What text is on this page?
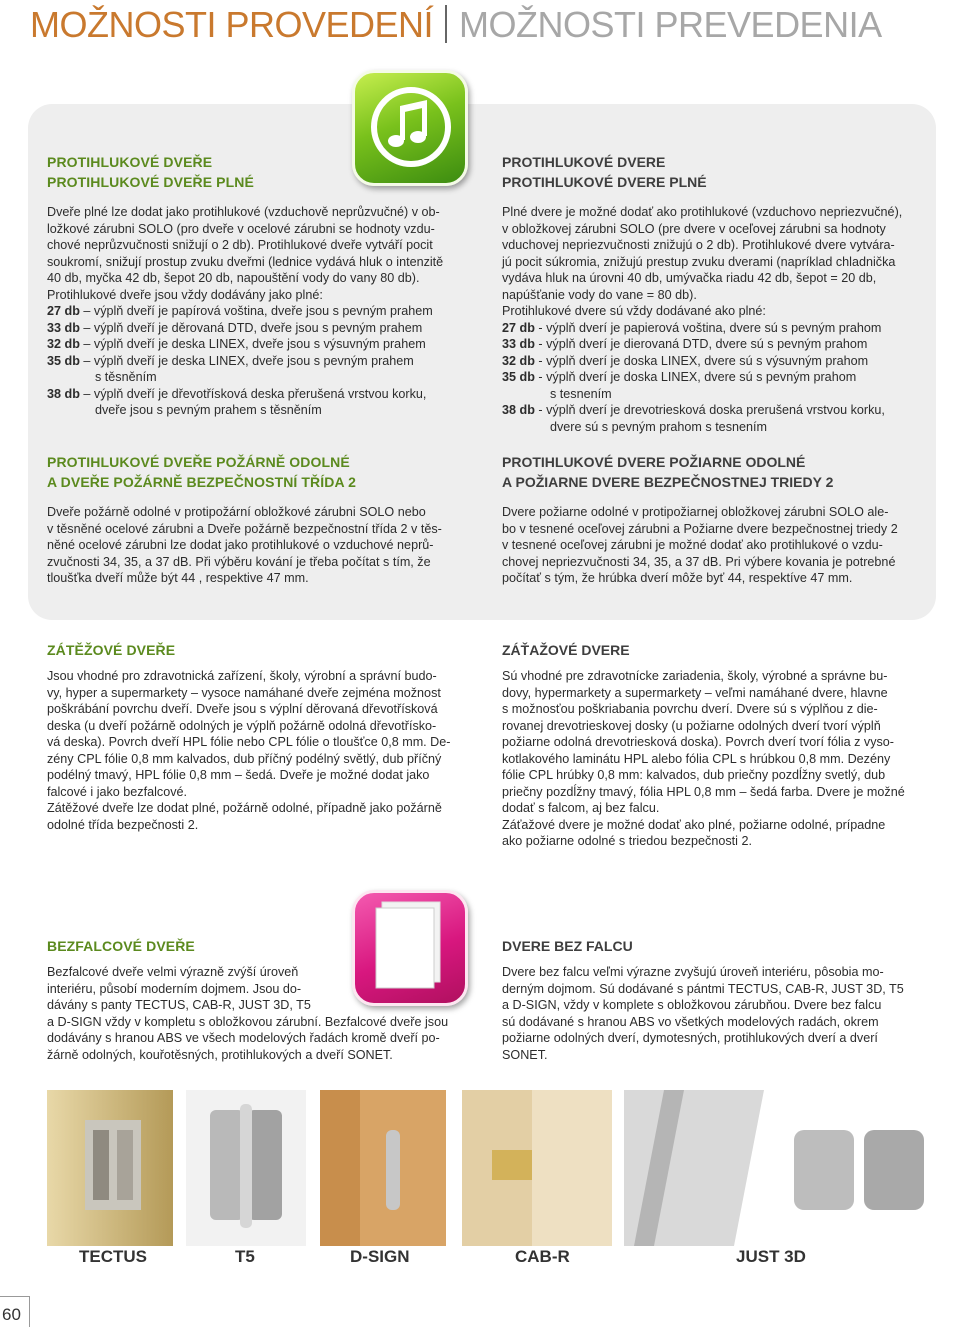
MOŽNOSTI PROVEDENÍ MOŽNOSTI PREVEDENIA
PROTIHLUKOVÉ DVEŘE
PROTIHLUKOVÉ DVEŘE PLNÉ

Dveře plné lze dodat jako protihlukové (vzduchově neprůzvučné) v ob-

ložkové zárubni SOLO (pro dveře v ocelové zárubni se hodnoty vzdu-

chové neprůzvučnosti snižují o 2 db). Protihlukové dveře vytváří pocit

soukromí, snižují prostup zvuku dveřmi (lednice vydává hluk o intenzitě

40 db, myčka 42 db, šepot 20 db, napouštění vody do vany 80 db).

Protihlukové dveře jsou vždy dodávány jako plné:

27 db – výplň dveří je papírová voština, dveře jsou s pevným prahem
33 db – výplň dveří je děrovaná DTD, dveře jsou s pevným prahem
32 db – výplň dveří je deska LINEX, dveře jsou s výsuvným prahem
35 db – výplň dveří je deska LINEX, dveře jsou s pevným prahem
s těsněním
38 db – výplň dveří je dřevotřísková deska přerušená vrstvou korku,
dveře jsou s pevným prahem s těsněním
PROTIHLUKOVÉ DVERE
PROTIHLUKOVÉ DVERE PLNÉ

Plné dvere je možné dodať ako protihlukové (vzduchovo nepriezvučné),

v obložkovej zárubni SOLO (pre dvere v oceľovej zárubni sa hodnoty

vduchovej nepriezvučnosti znižujú o 2 db). Protihlukové dvere vytvára-

jú pocit súkromia, znižujú prestup zvuku dverami (napríklad chladnička

vydáva hluk na úrovni 40 db, umývačka riadu 42 db, šepot = 20 db,

napúšťanie vody do vane = 80 db).

Protihlukové dvere sú vždy dodávané ako plné:

27 db - výplň dverí je papierová voština, dvere sú s pevným prahom
33 db - výplň dverí je dierovaná DTD, dvere sú s pevným prahom
32 db - výplň dverí je doska LINEX, dvere sú s výsuvným prahom
35 db - výplň dverí je doska LINEX, dvere sú s pevným prahom
s tesnením
38 db - výplň dverí je drevotriesková doska prerušená vrstvou korku,
dvere sú s pevným prahom s tesnením
PROTIHLUKOVÉ DVEŘE POŽÁRNĚ ODOLNÉ
A DVEŘE POŽÁRNĚ BEZPEČNOSTNÍ TŘÍDA 2

Dveře požárně odolné v protipožární obložkové zárubni SOLO nebo

v těsněné ocelové zárubni a Dveře požárně bezpečnostní třída 2 v těs-

něné ocelové zárubni lze dodat jako protihlukové o vzduchové neprů-

zvučnosti 34, 35, a 37 dB. Při výběru kování je třeba počítat s tím, že

tloušťka dveří může být 44 , respektive 47 mm.

PROTIHLUKOVÉ DVERE POŽIARNE ODOLNÉ
A POŽIARNE DVERE BEZPEČNOSTNEJ TRIEDY 2

Dvere požiarne odolné v protipožiarnej obložkovej zárubni SOLO ale-

bo v tesnené oceľovej zárubni a Požiarne dvere bezpečnostnej triedy 2

v tesnené oceľovej zárubni je možné dodať ako protihlukové o vzdu-

chovej nepriezvučnosti 34, 35, a 37 dB. Pri výbere kovania je potrebné

počítať s tým, že hrúbka dverí môže byť 44, respektíve 47 mm.

ZÁTĚŽOVÉ DVEŘE

Jsou vhodné pro zdravotnická zařízení, školy, výrobní a správní budo-

vy, hyper a supermarkety – vysoce namáhané dveře zejména možnost

poškrábání povrchu dveří. Dveře jsou s výplní děrovaná dřevotřísková

deska (u dveří požárně odolných je výplň požárně odolná dřevotřísko-

vá deska). Povrch dveří HPL fólie nebo CPL fólie o tloušťce 0,8 mm. De-

zény CPL fólie 0,8 mm kalvados, dub příčný podélný světlý, dub příčný

podélný tmavý, HPL fólie 0,8 mm – šedá. Dveře je možné dodat jako

falcové i jako bezfalcové.

Zátěžové dveře lze dodat plné, požárně odolné, případně jako požárně

odolné třída bezpečnosti 2.

ZÁŤAŽOVÉ DVERE

Sú vhodné pre zdravotnícke zariadenia, školy, výrobné a správne bu-

dovy, hypermarkety a supermarkety – veľmi namáhané dvere, hlavne

s možnosťou poškriabania povrchu dverí. Dvere sú s výplňou z die-

rovanej drevotrieskovej dosky (u požiarne odolných dverí tvorí výplň

požiarne odolná drevotriesková doska). Povrch dverí tvorí fólia z vyso-

kotlakového laminátu HPL alebo fólia CPL s hrúbkou 0,8 mm. Dezény

fólie CPL hrúbky 0,8 mm: kalvados, dub priečny pozdĺžny svetlý, dub

priečny pozdĺžny tmavý, fólia HPL 0,8 mm – šedá farba. Dvere je možné

dodať s falcom, aj bez falcu.

Záťažové dvere je možné dodať ako plné, požiarne odolné, prípadne

ako požiarne odolné s triedou bezpečnosti 2.

BEZFALCOVÉ DVEŘE

Bezfalcové dveře velmi výrazně zvýší úroveň

interiéru, působí moderním dojmem. Jsou do-

dávány s panty TECTUS, CAB-R, JUST 3D, T5

a D-SIGN vždy v kompletu s obložkovou zárubní. Bezfalcové dveře jsou

dodávány s hranou ABS ve všech modelových řadách kromě dveří po-

žárně odolných, kouřotěsných, protihlukových a dveří SONET.

DVERE BEZ FALCU

Dvere bez falcu veľmi výrazne zvyšujú úroveň interiéru, pôsobia mo-

derným dojmom. Sú dodávané s pántmi TECTUS, CAB-R, JUST 3D, T5

a D-SIGN, vždy v komplete s obložkovou zárubňou. Dvere bez falcu

sú dodávané s hranou ABS vo všetkých modelových radách, okrem

požiarne odolných dverí, dymotesných, protihlukových dverí a dverí

SONET.

TECTUS	T5	D-SIGN	CAB-R	JUST 3D
60
